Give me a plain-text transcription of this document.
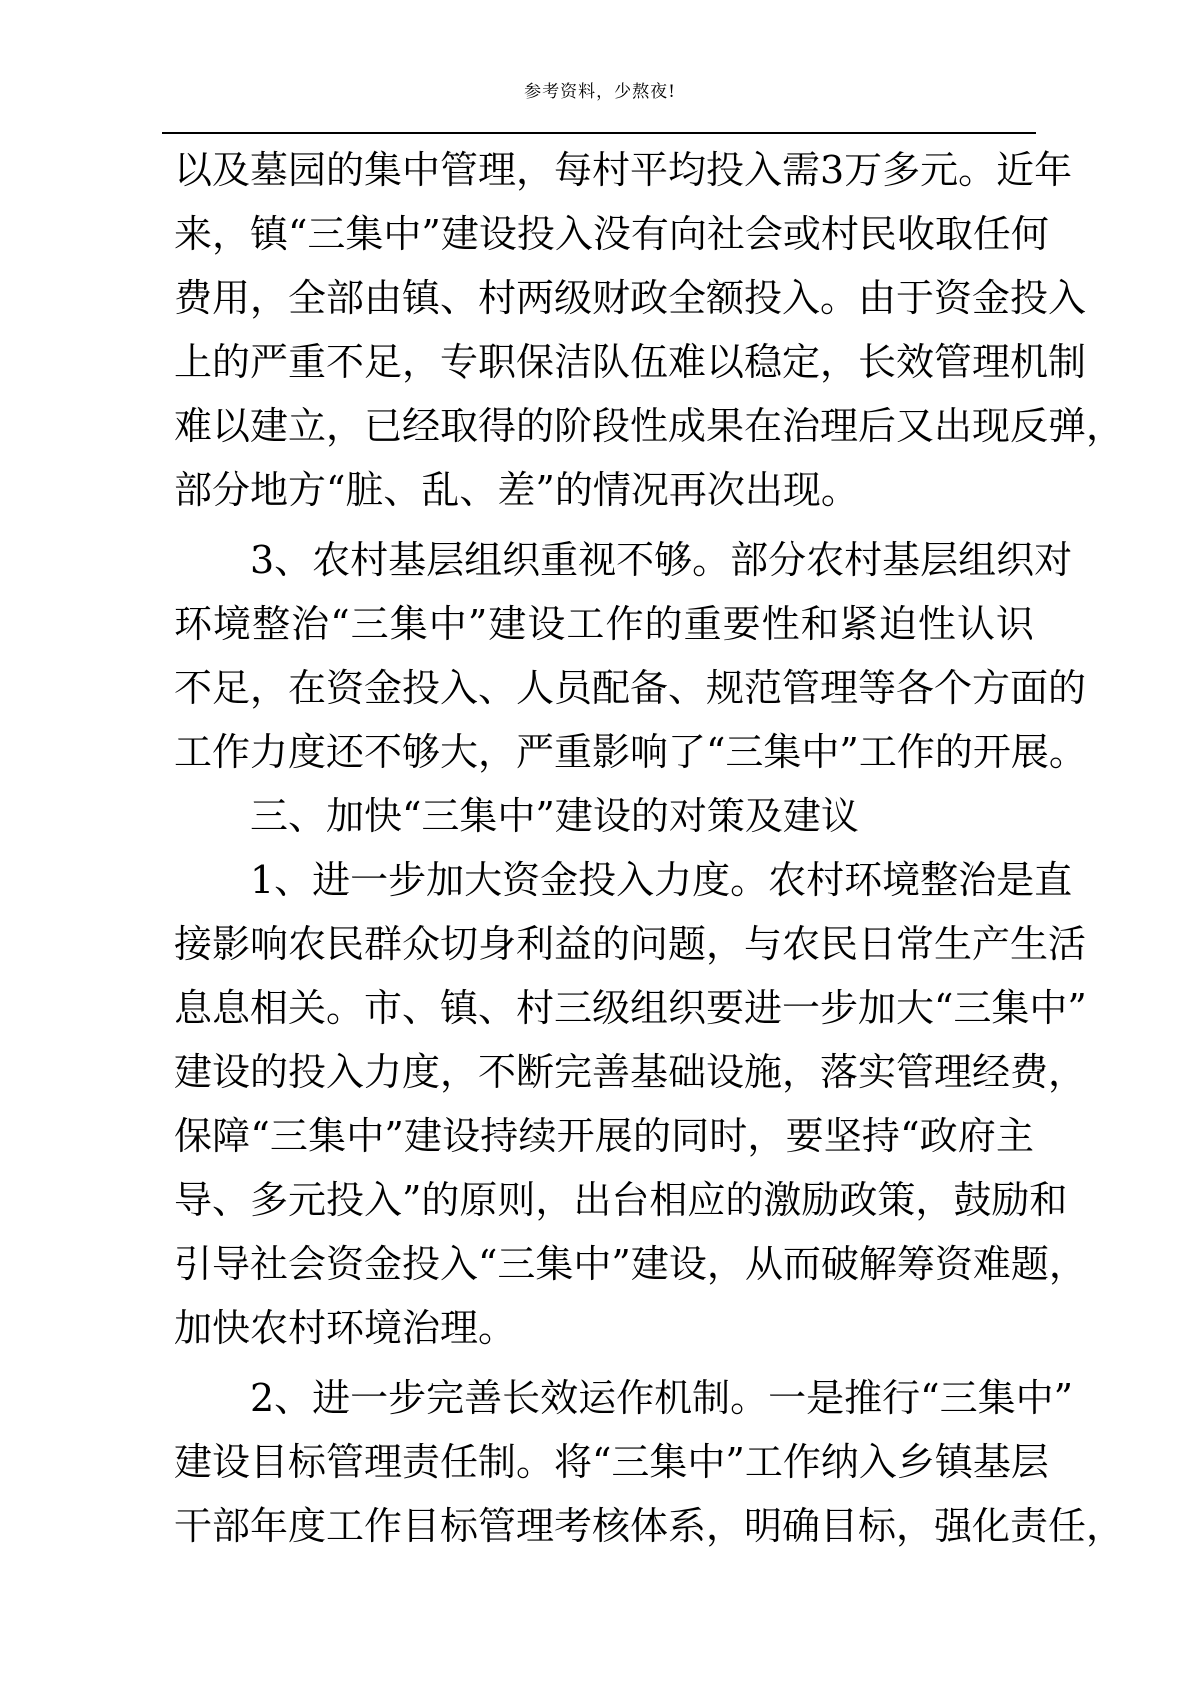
参考资料，少熬夜!
以及墓园的集中管理，每村平均投入需3万多元。近年
来，镇“三集中”建设投入没有向社会或村民收取任何
费用，全部由镇、村两级财政全额投入。由于资金投入
上的严重不足，专职保洁队伍难以稳定，长效管理机制
难以建立，已经取得的阶段性成果在治理后又出现反弹，
部分地方“脏、乱、差”的情况再次出现。
3、农村基层组织重视不够。部分农村基层组织对
环境整治“三集中”建设工作的重要性和紧迫性认识
不足，在资金投入、人员配备、规范管理等各个方面的
工作力度还不够大，严重影响了“三集中”工作的开展。
三、加快“三集中”建设的对策及建议
1、进一步加大资金投入力度。农村环境整治是直
接影响农民群众切身利益的问题，与农民日常生产生活
息息相关。市、镇、村三级组织要进一步加大“三集中”
建设的投入力度，不断完善基础设施，落实管理经费，
保障“三集中”建设持续开展的同时，要坚持“政府主
导、多元投入”的原则，出台相应的激励政策，鼓励和
引导社会资金投入“三集中”建设，从而破解筹资难题，
加快农村环境治理。
2、进一步完善长效运作机制。一是推行“三集中”
建设目标管理责任制。将“三集中”工作纳入乡镇基层
干部年度工作目标管理考核体系，明确目标，强化责任，
